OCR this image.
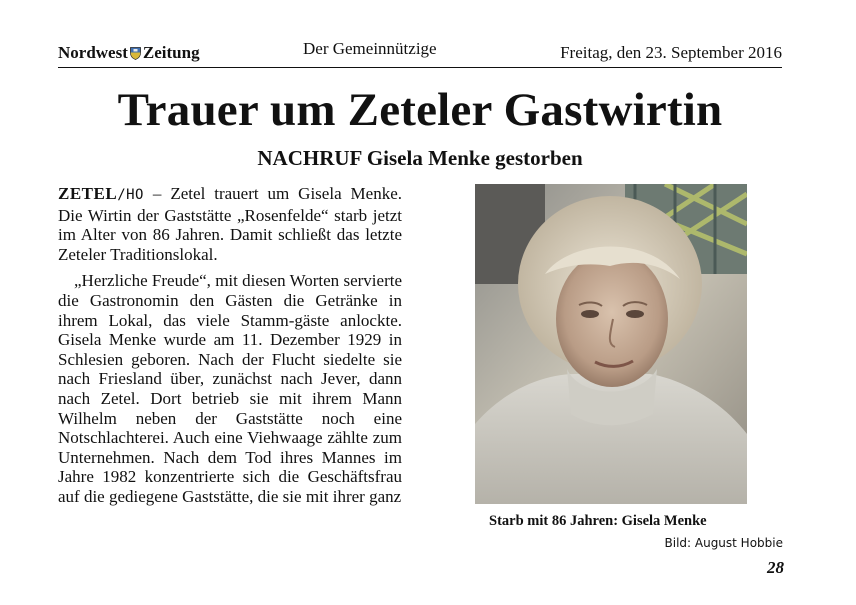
Nordwest Zeitung	Der Gemeinnützige	Freitag, den 23. September 2016
Trauer um Zeteler Gastwirtin
NACHRUF Gisela Menke gestorben

ZETEL/HO – Zetel trauert um Gisela Menke. Die Wirtin der Gaststätte „Rosenfelde“ starb jetzt im Alter von 86 Jahren. Damit schließt das letzte Zeteler Traditionslokal.

„Herzliche Freude“, mit diesen Worten servierte die Gastronomin den Gästen die Getränke in ihrem Lokal, das viele Stamm-gäste anlockte. Gisela Menke wurde am 11. Dezember 1929 in Schlesien geboren. Nach der Flucht siedelte sie nach Friesland über, zunächst nach Jever, dann nach Zetel. Dort betrieb sie mit ihrem Mann Wilhelm neben der Gaststätte noch eine Notschlachterei. Auch eine Viehwaage zählte zum Unternehmen. Nach dem Tod ihres Mannes im Jahre 1982 konzentrierte sich die Geschäftsfrau auf die gediegene Gaststätte, die sie mit ihrer ganz

Starb mit 86 Jahren: Gisela Menke
Bild: August Hobbie
28
